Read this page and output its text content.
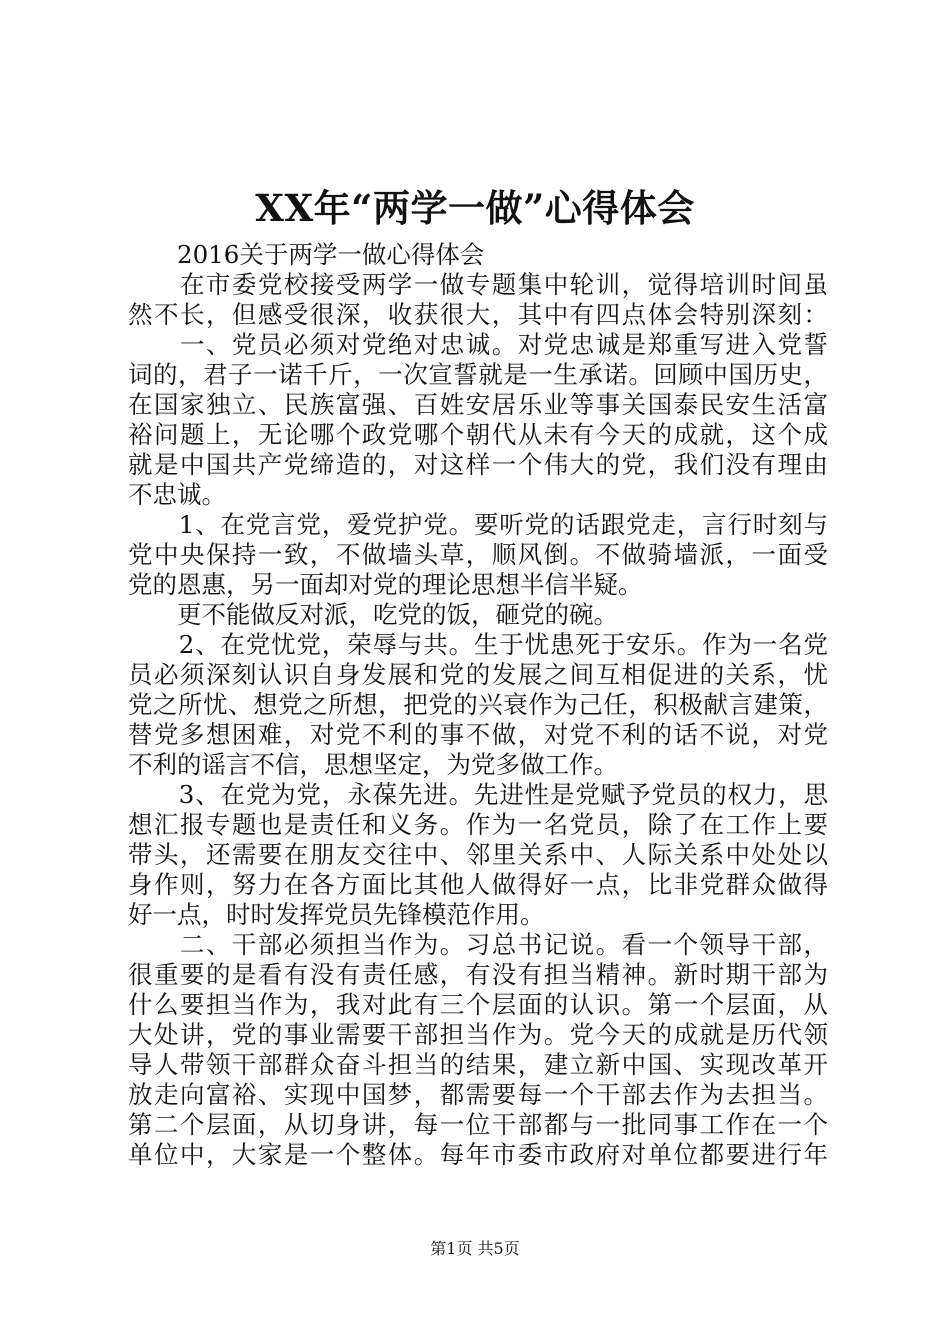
XX年“两学一做”心得体会
　　2016关于两学一做心得体会
　　在市委党校接受两学一做专题集中轮训，觉得培训时间虽
然不长，但感受很深，收获很大，其中有四点体会特别深刻：
　　一、党员必须对党绝对忠诚。对党忠诚是郑重写进入党誓
词的，君子一诺千斤，一次宣誓就是一生承诺。回顾中国历史，
在国家独立、民族富强、百姓安居乐业等事关国泰民安生活富
裕问题上，无论哪个政党哪个朝代从未有今天的成就，这个成
就是中国共产党缔造的，对这样一个伟大的党，我们没有理由
不忠诚。
　　1、在党言党，爱党护党。要听党的话跟党走，言行时刻与
党中央保持一致，不做墙头草，顺风倒。不做骑墙派，一面受
党的恩惠，另一面却对党的理论思想半信半疑。
　　更不能做反对派，吃党的饭，砸党的碗。
　　2、在党忧党，荣辱与共。生于忧患死于安乐。作为一名党
员必须深刻认识自身发展和党的发展之间互相促进的关系，忧
党之所忧、想党之所想，把党的兴衰作为己任，积极献言建策，
替党多想困难，对党不利的事不做，对党不利的话不说，对党
不利的谣言不信，思想坚定，为党多做工作。
　　3、在党为党，永葆先进。先进性是党赋予党员的权力，思
想汇报专题也是责任和义务。作为一名党员，除了在工作上要
带头，还需要在朋友交往中、邻里关系中、人际关系中处处以
身作则，努力在各方面比其他人做得好一点，比非党群众做得
好一点，时时发挥党员先锋模范作用。
　　二、干部必须担当作为。习总书记说。看一个领导干部，
很重要的是看有没有责任感，有没有担当精神。新时期干部为
什么要担当作为，我对此有三个层面的认识。第一个层面，从
大处讲，党的事业需要干部担当作为。党今天的成就是历代领
导人带领干部群众奋斗担当的结果，建立新中国、实现改革开
放走向富裕、实现中国梦，都需要每一个干部去作为去担当。
第二个层面，从切身讲，每一位干部都与一批同事工作在一个
单位中，大家是一个整体。每年市委市政府对单位都要进行年
第1页 共5页
